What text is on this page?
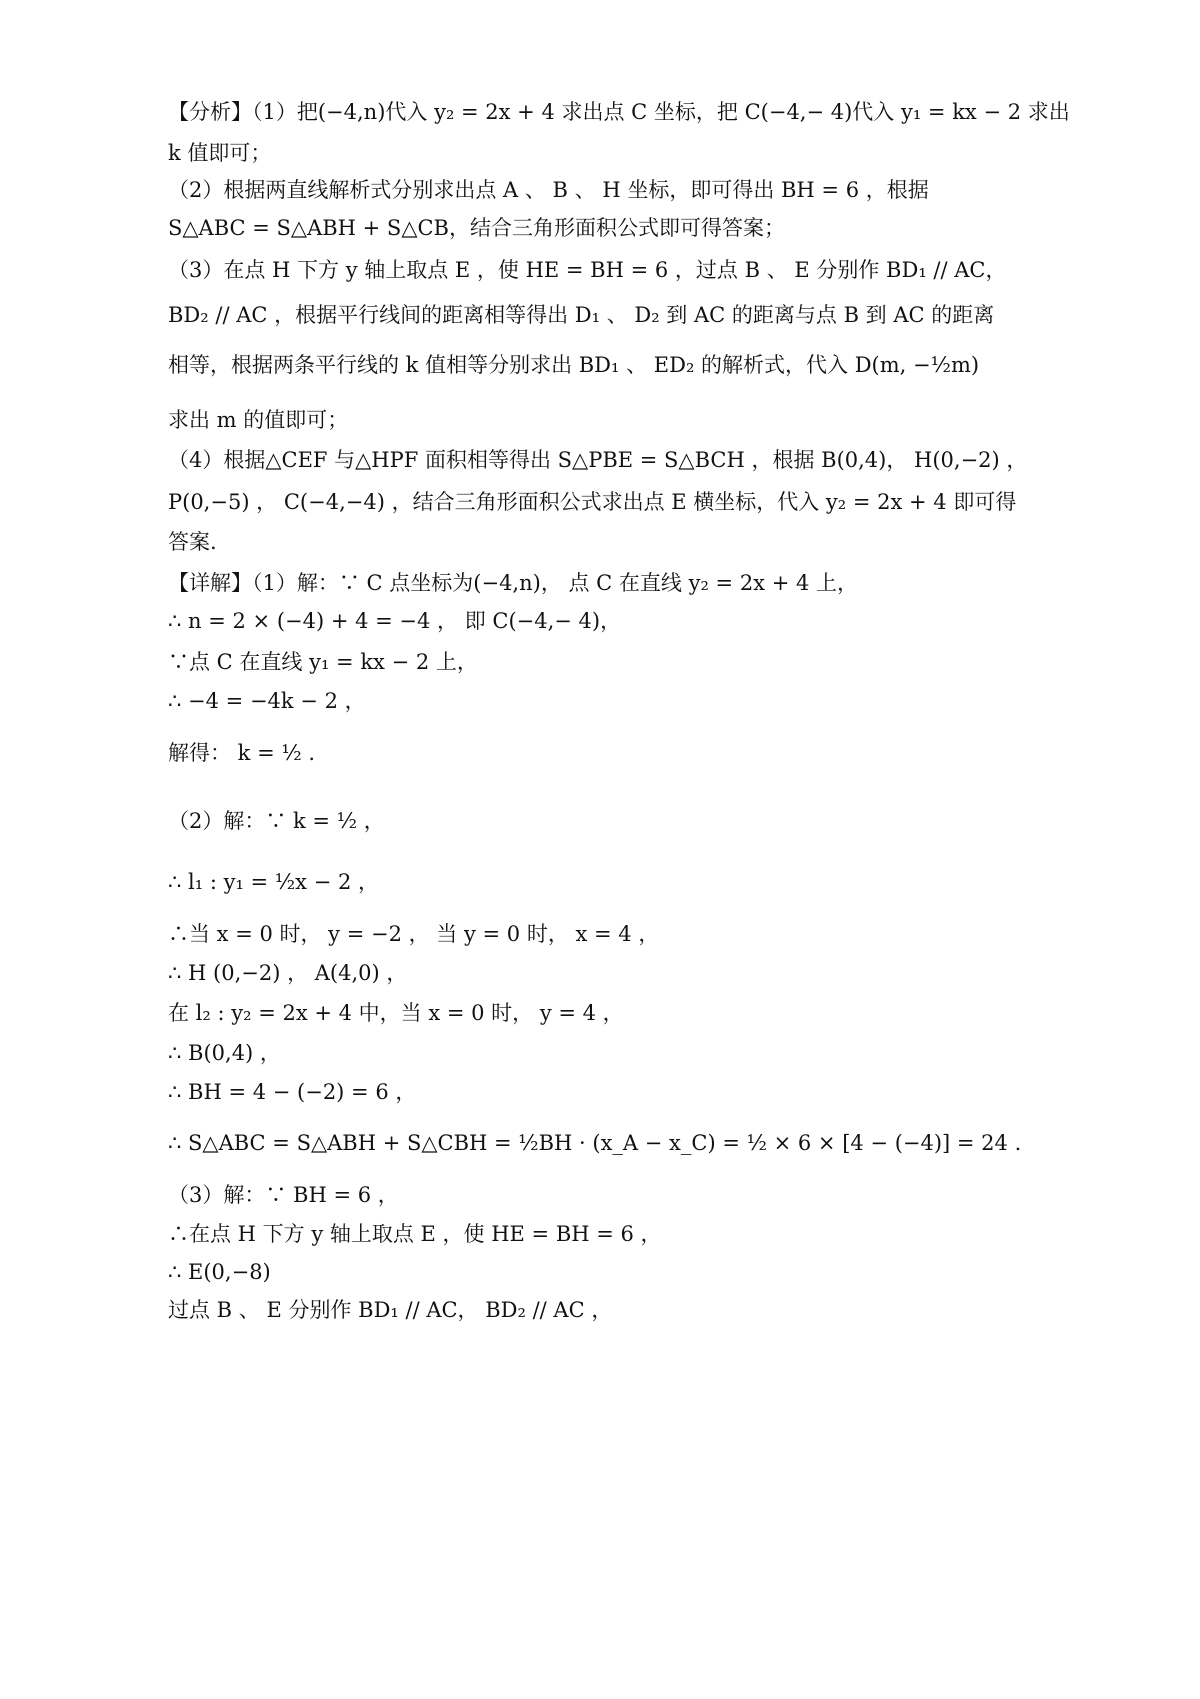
【分析】（1）把(−4,n)代入 y₂ = 2x + 4 求出点 C 坐标，把 C(−4,− 4)代入 y₁ = kx − 2 求出
k 值即可；
（2）根据两直线解析式分别求出点 A 、 B 、 H 坐标，即可得出 BH = 6 ，根据
S△ABC = S△ABH + S△CB，结合三角形面积公式即可得答案；
（3）在点 H 下方 y 轴上取点 E ，使 HE = BH = 6 ，过点 B 、 E 分别作 BD₁ // AC，
BD₂ // AC ，根据平行线间的距离相等得出 D₁ 、 D₂ 到 AC 的距离与点 B 到 AC 的距离
相等，根据两条平行线的 k 值相等分别求出 BD₁ 、 ED₂ 的解析式，代入 D(m, −½m)
求出 m 的值即可；
（4）根据△CEF 与△HPF 面积相等得出 S△PBE = S△BCH ，根据 B(0,4)， H(0,−2) ，
P(0,−5) ， C(−4,−4) ，结合三角形面积公式求出点 E 横坐标，代入 y₂ = 2x + 4 即可得
答案.
【详解】（1）解：∵ C 点坐标为(−4,n)， 点 C 在直线 y₂ = 2x + 4 上，
∴ n = 2 × (−4) + 4 = −4 ， 即 C(−4,− 4)，
∵点 C 在直线 y₁ = kx − 2 上，
∴ −4 = −4k − 2 ，
解得： k = ½ .
（2）解：∵ k = ½ ，
∴ l₁ : y₁ = ½x − 2 ，
∴当 x = 0 时， y = −2 ， 当 y = 0 时， x = 4 ，
∴ H (0,−2) ， A(4,0) ，
在 l₂ : y₂ = 2x + 4 中，当 x = 0 时， y = 4 ，
∴ B(0,4) ，
∴ BH = 4 − (−2) = 6 ，
∴ S△ABC = S△ABH + S△CBH = ½BH · (x_A − x_C) = ½ × 6 × [4 − (−4)] = 24 .
（3）解：∵ BH = 6 ，
∴在点 H 下方 y 轴上取点 E ，使 HE = BH = 6 ，
∴ E(0,−8)
过点 B 、 E 分别作 BD₁ // AC， BD₂ // AC ，
